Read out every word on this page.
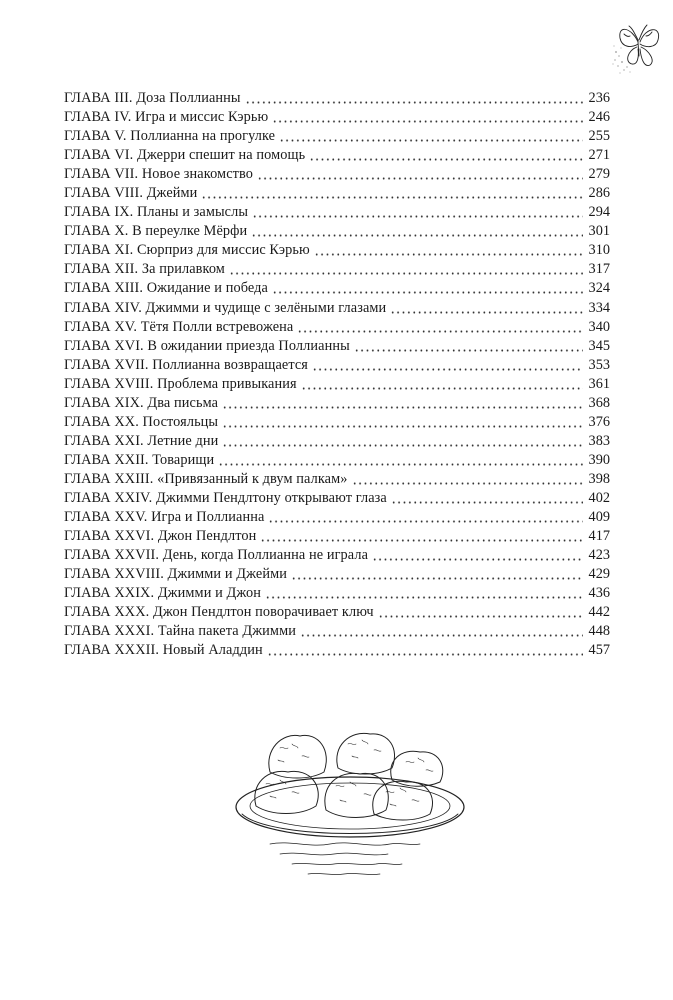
ГЛАВА III. Доза Поллианны	236
ГЛАВА IV. Игра и миссис Кэрью	246
ГЛАВА V. Поллианна на прогулке	255
ГЛАВА VI. Джерри спешит на помощь	271
ГЛАВА VII. Новое знакомство	279
ГЛАВА VIII. Джейми	286
ГЛАВА IX. Планы и замыслы	294
ГЛАВА X. В переулке Мёрфи	301
ГЛАВА XI. Сюрприз для миссис Кэрью	310
ГЛАВА XII. За прилавком	317
ГЛАВА XIII. Ожидание и победа	324
ГЛАВА XIV. Джимми и чудище с зелёными глазами	334
ГЛАВА XV. Тётя Полли встревожена	340
ГЛАВА XVI. В ожидании приезда Поллианны	345
ГЛАВА XVII. Поллианна возвращается	353
ГЛАВА XVIII. Проблема привыкания	361
ГЛАВА XIX. Два письма	368
ГЛАВА XX. Постояльцы	376
ГЛАВА XXI. Летние дни	383
ГЛАВА XXII. Товарищи	390
ГЛАВА XXIII. «Привязанный к двум палкам»	398
ГЛАВА XXIV. Джимми Пендлтону открывают глаза	402
ГЛАВА XXV. Игра и Поллианна	409
ГЛАВА XXVI. Джон Пендлтон	417
ГЛАВА XXVII. День, когда Поллианна не играла	423
ГЛАВА XXVIII. Джимми и Джейми	429
ГЛАВА XXIX. Джимми и Джон	436
ГЛАВА XXX. Джон Пендлтон поворачивает ключ	442
ГЛАВА XXXI. Тайна пакета Джимми	448
ГЛАВА XXXII. Новый Аладдин	457
